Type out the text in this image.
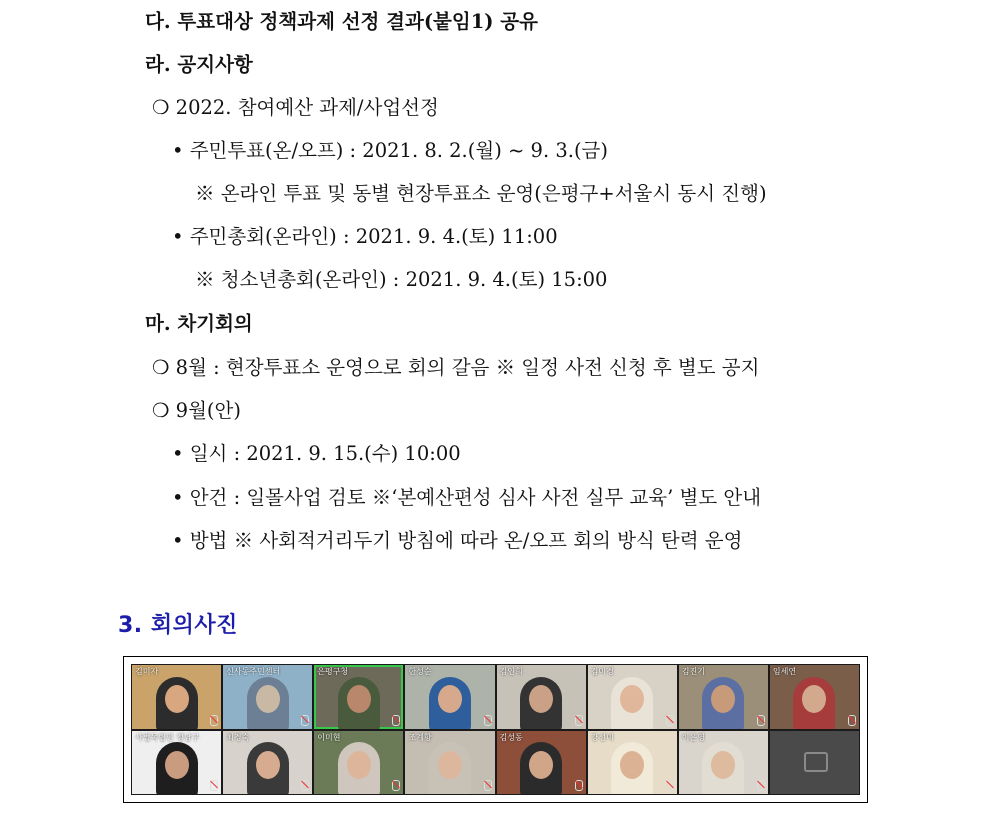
다. 투표대상 정책과제 선정 결과(붙임1) 공유
라. 공지사항
❍ 2022. 참여예산 과제/사업선정
• 주민투표(온/오프) : 2021. 8. 2.(월) ~ 9. 3.(금)
※ 온라인 투표 및 동별 현장투표소 운영(은평구+서울시 동시 진행)
• 주민총회(온라인) : 2021. 9. 4.(토) 11:00
※ 청소년총회(온라인) : 2021. 9. 4.(토) 15:00
마. 차기회의
❍ 8월 : 현장투표소 운영으로 회의 갈음 ※ 일정 사전 신청 후 별도 공지
❍ 9월(안)
• 일시 : 2021. 9. 15.(수) 10:00
• 안건 : 일몰사업 검토 ※‘본예산편성 심사 사전 실무 교육’ 별도 안내
• 방법 ※ 사회적거리두기 방침에 따라 온/오프 회의 방식 탄력 운영
3. 회의사진
김미자	신사동주민센터	은평구청	한성순	김인희	김미경	김진기	임세연
사법독립인 정남구	최경숙	이미현	조계향	김성동	강선미	이은영
